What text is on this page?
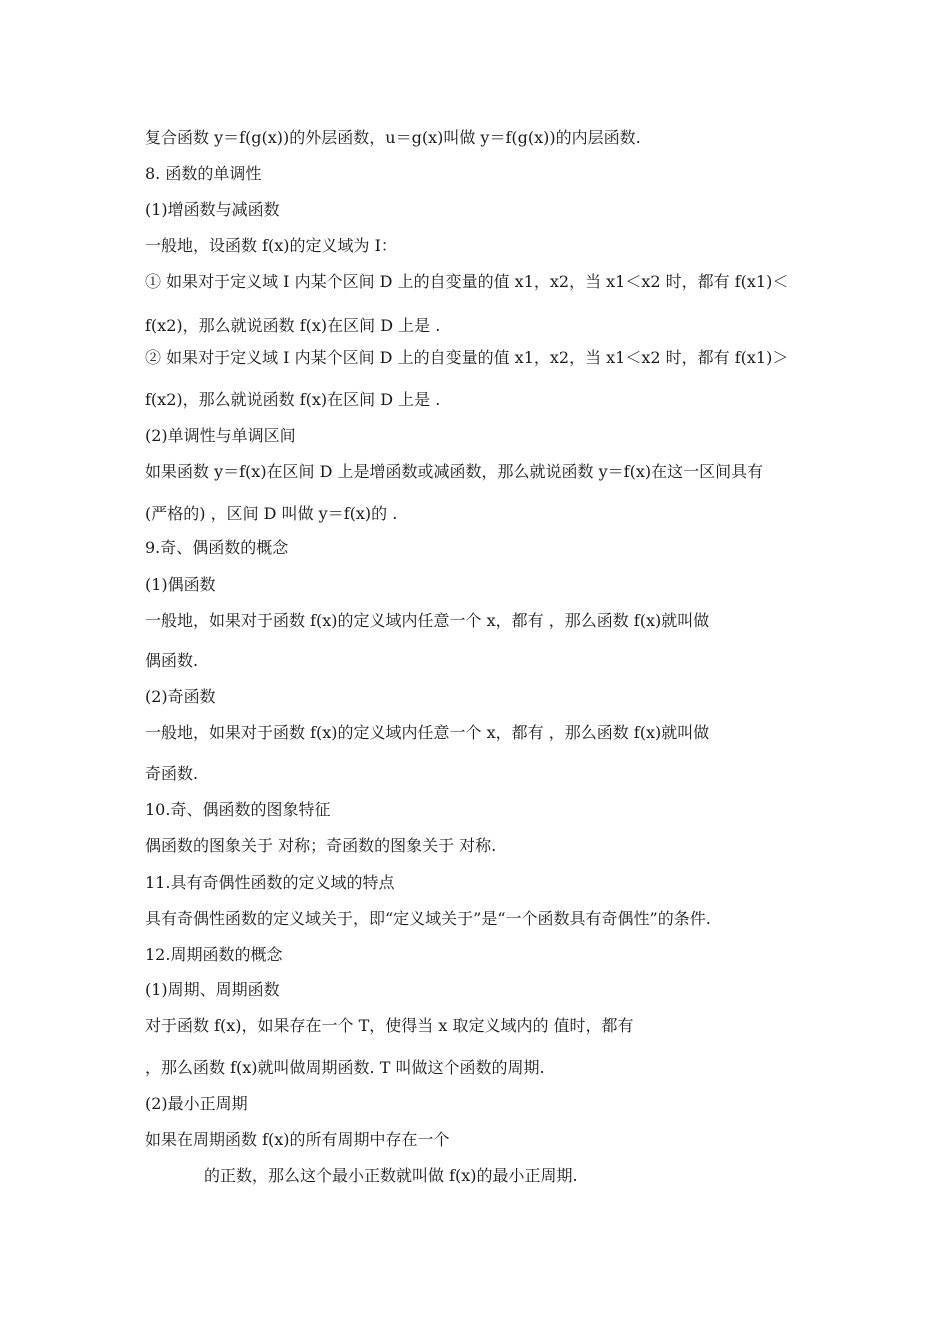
复合函数 y＝f(g(x))的外层函数，u＝g(x)叫做 y＝f(g(x))的内层函数.
8. 函数的单调性
(1)增函数与减函数
一般地，设函数 f(x)的定义域为 I：
① 如果对于定义域 I 内某个区间 D 上的自变量的值 x1，x2，当 x1＜x2 时，都有 f(x1)＜
f(x2)，那么就说函数 f(x)在区间 D 上是 .
② 如果对于定义域 I 内某个区间 D 上的自变量的值 x1，x2，当 x1＜x2 时，都有 f(x1)＞
f(x2)，那么就说函数 f(x)在区间 D 上是 .
(2)单调性与单调区间
如果函数 y＝f(x)在区间 D 上是增函数或减函数，那么就说函数 y＝f(x)在这一区间具有
(严格的) ，区间 D 叫做 y＝f(x)的 .
9.奇、偶函数的概念
(1)偶函数
一般地，如果对于函数 f(x)的定义域内任意一个 x，都有 ，那么函数 f(x)就叫做
偶函数.
(2)奇函数
一般地，如果对于函数 f(x)的定义域内任意一个 x，都有 ，那么函数 f(x)就叫做
奇函数.
10.奇、偶函数的图象特征
偶函数的图象关于 对称；奇函数的图象关于 对称.
11.具有奇偶性函数的定义域的特点
具有奇偶性函数的定义域关于，即“定义域关于”是“一个函数具有奇偶性”的条件.
12.周期函数的概念
(1)周期、周期函数
对于函数 f(x)，如果存在一个 T，使得当 x 取定义域内的 值时，都有
，那么函数 f(x)就叫做周期函数. T 叫做这个函数的周期.
(2)最小正周期
如果在周期函数 f(x)的所有周期中存在一个
的正数，那么这个最小正数就叫做 f(x)的最小正周期.
